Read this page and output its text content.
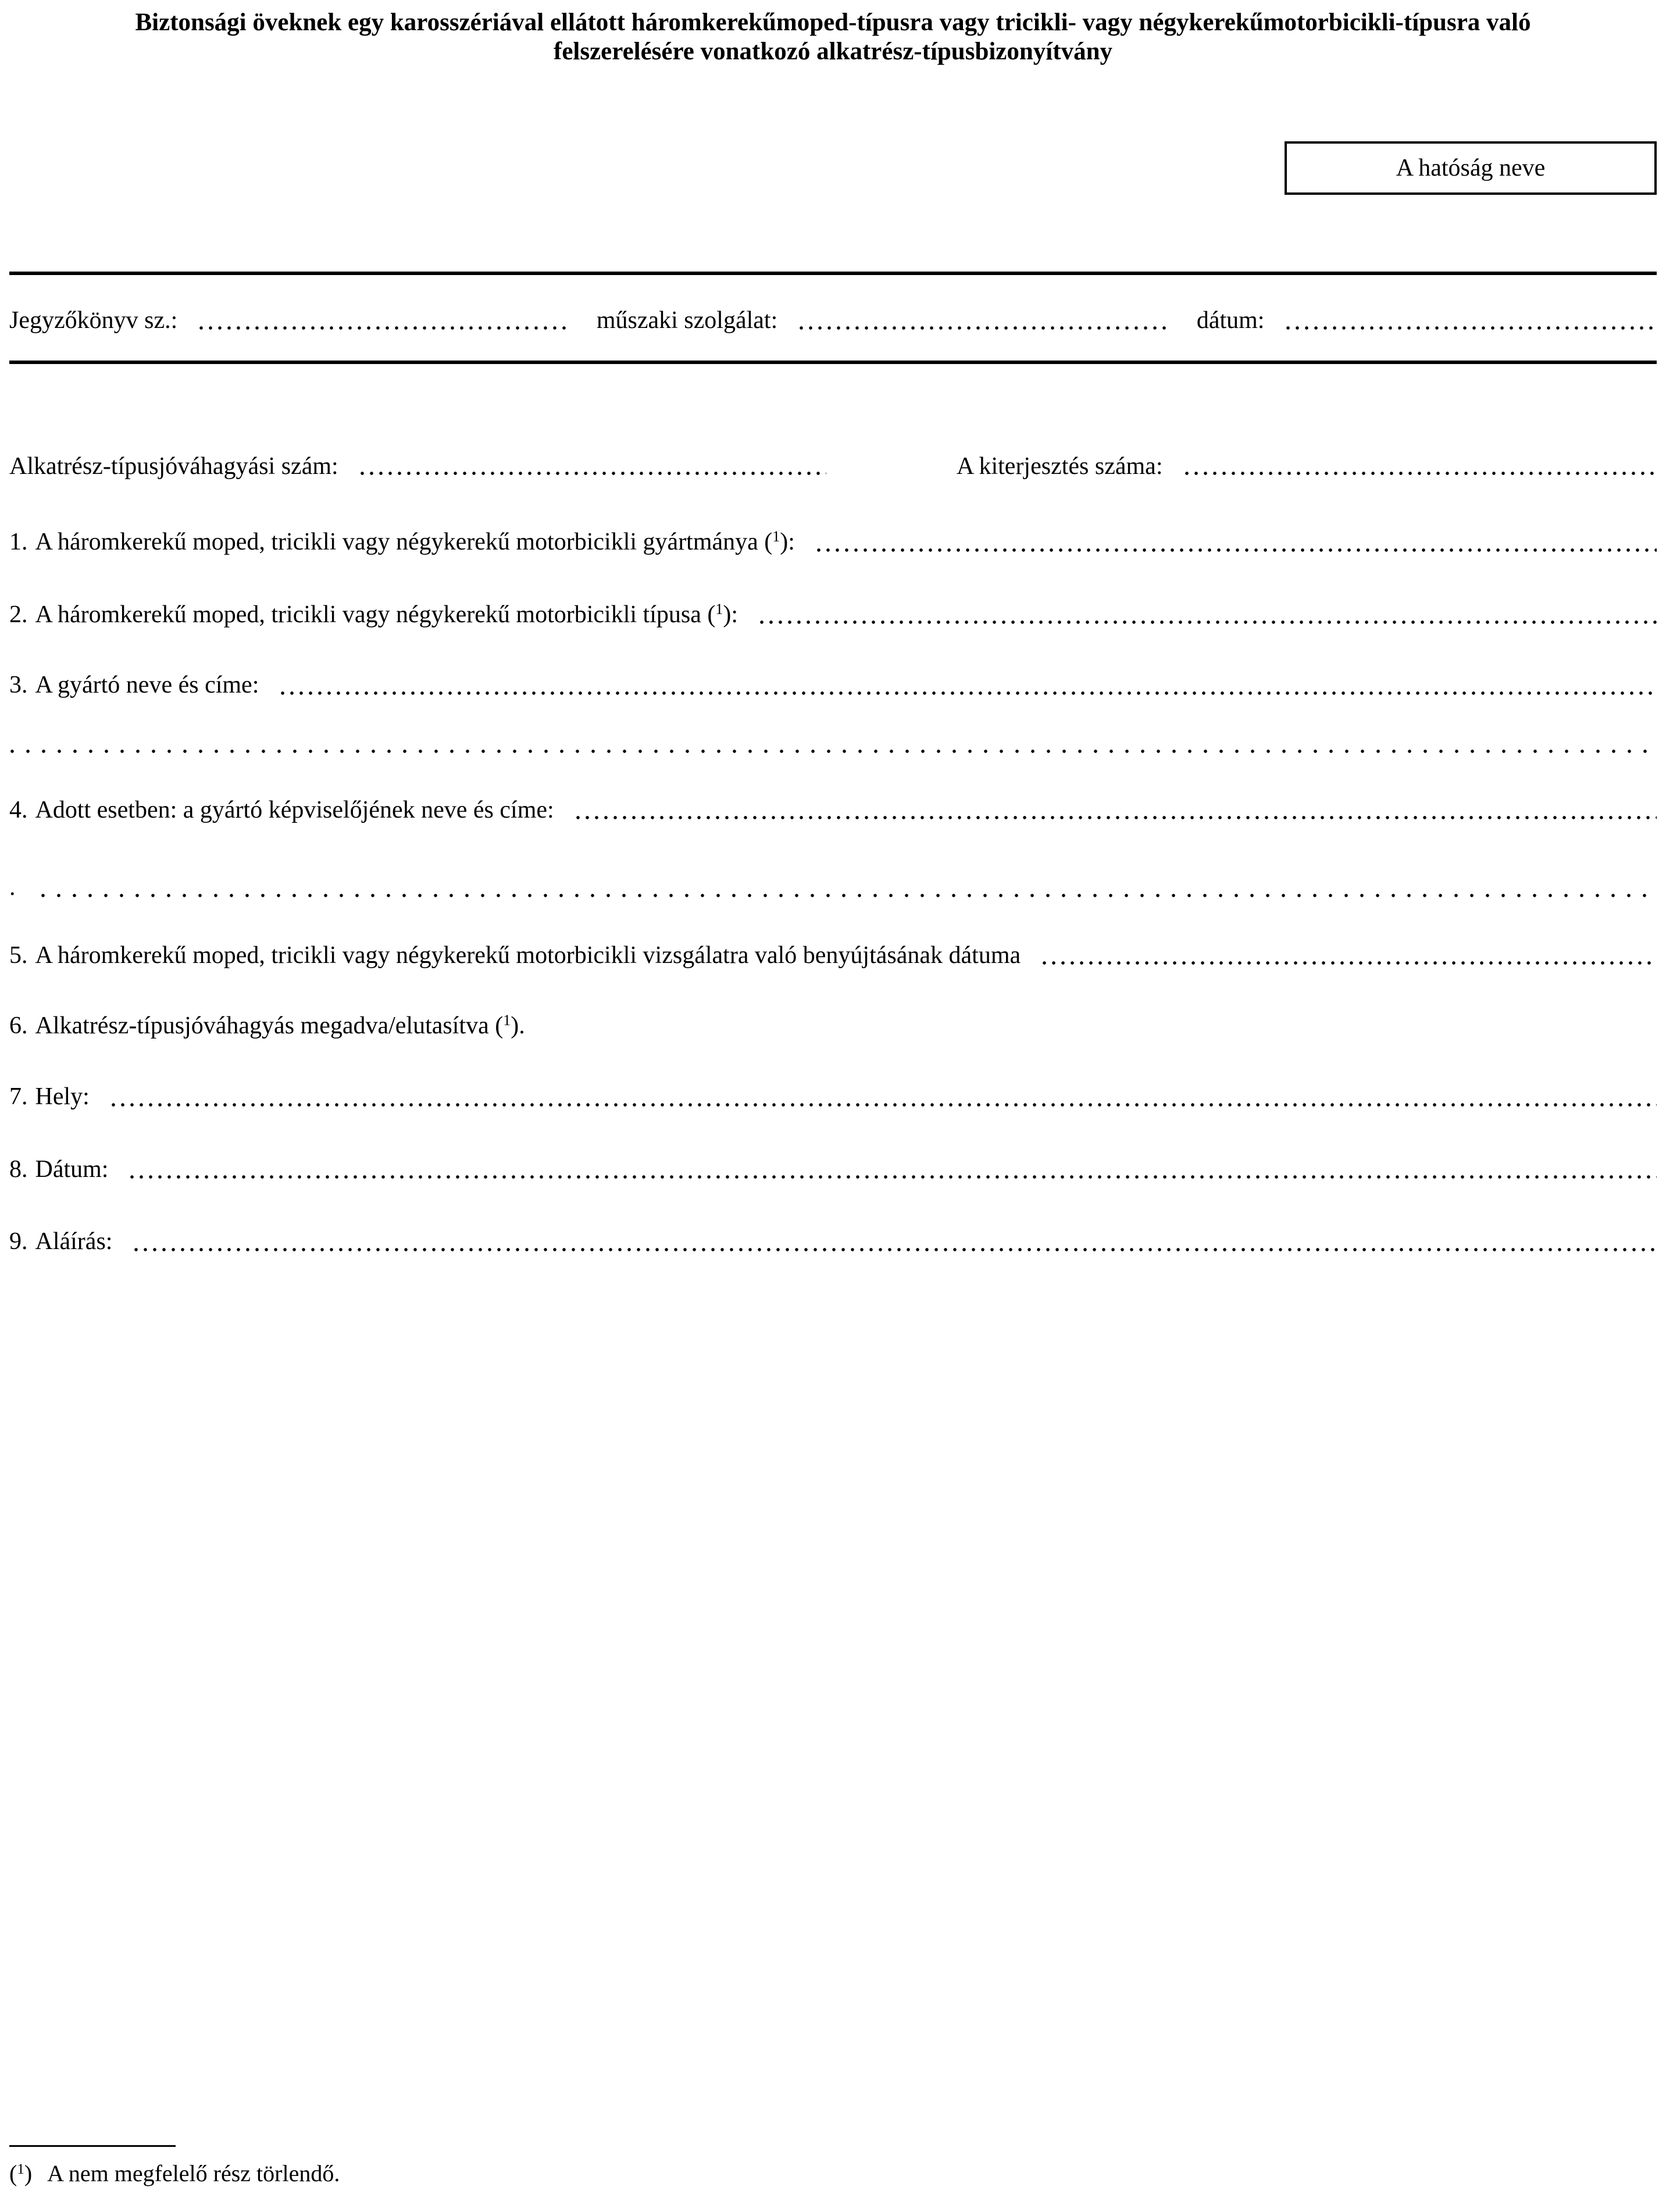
Biztonsági öveknek egy karosszériával ellátott háromkerekűmoped-típusra vagy tricikli- vagy négykerekűmotorbicikli-típusra való
felszerelésére vonatkozó alkatrész-típusbizonyítvány
A hatóság neve
Jegyzőkönyv sz.:	műszaki szolgálat:	dátum:
Alkatrész-típusjóváhagyási szám:	A kiterjesztés száma:
1. A háromkerekű moped, tricikli vagy négykerekű motorbicikli gyártmánya ($^1$):
2. A háromkerekű moped, tricikli vagy négykerekű motorbicikli típusa ($^1$):
3. A gyártó neve és címe:
4. Adott esetben: a gyártó képviselőjének neve és címe:
.
5. A háromkerekű moped, tricikli vagy négykerekű motorbicikli vizsgálatra való benyújtásának dátuma
6. Alkatrész-típusjóváhagyás megadva/elutasítva ($^1$).
7. Hely:
8. Dátum:
9. Aláírás:
($^1$) A nem megfelelő rész törlendő.
